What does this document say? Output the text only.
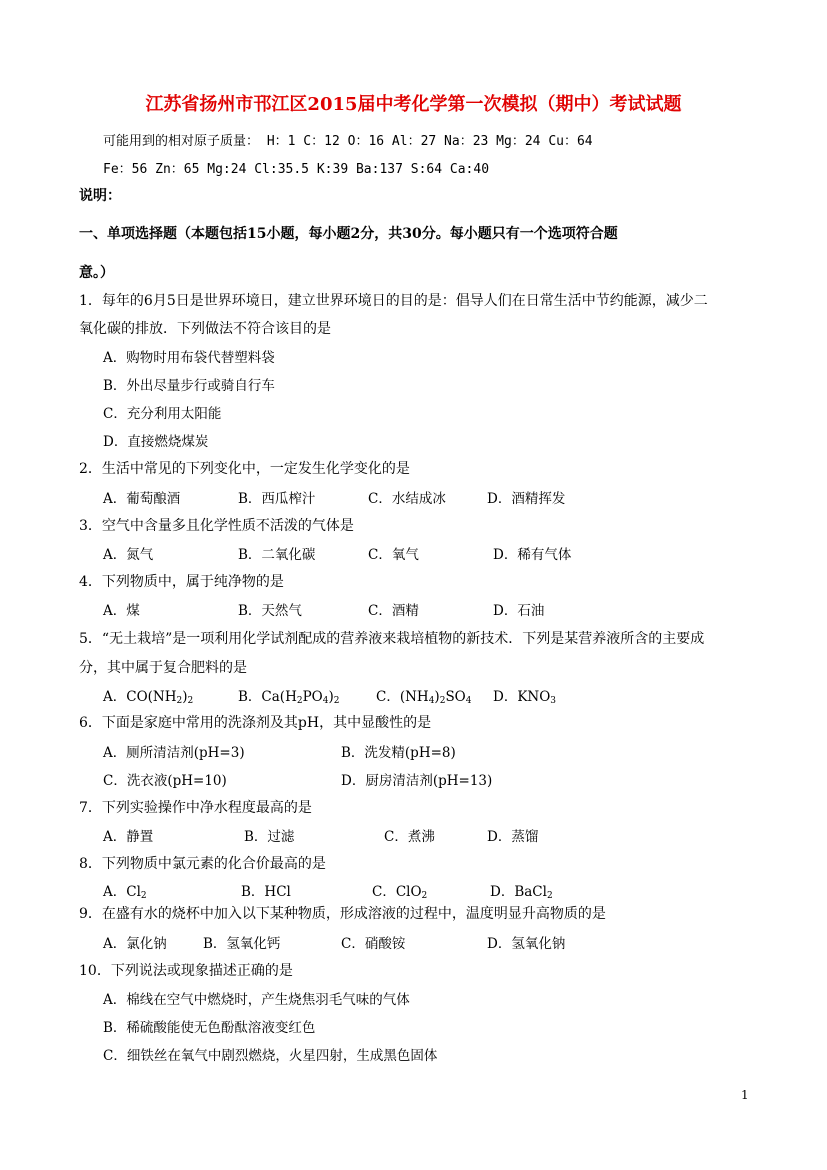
江苏省扬州市邗江区2015届中考化学第一次模拟（期中）考试试题
可能用到的相对原子质量： H：1 C：12 O：16 Al：27 Na：23 Mg：24 Cu：64
Fe：56 Zn：65 Mg:24 Cl:35.5 K:39 Ba:137 S:64 Ca:40
说明：
一、单项选择题（本题包括15小题，每小题2分，共30分。每小题只有一个选项符合题
意。）
1．每年的6月5日是世界环境日，建立世界环境日的目的是：倡导人们在日常生活中节约能源，减少二
氧化碳的排放．下列做法不符合该目的是
A．购物时用布袋代替塑料袋
B．外出尽量步行或骑自行车
C．充分利用太阳能
D．直接燃烧煤炭
2．生活中常见的下列变化中，一定发生化学变化的是
A．葡萄酿酒	B．西瓜榨汁	C．水结成冰	D．酒精挥发
3．空气中含量多且化学性质不活泼的气体是
A．氮气	B．二氧化碳	C．氧气	D．稀有气体
4．下列物质中，属于纯净物的是
A．煤	B．天然气	C．酒精	D．石油
5．“无土栽培”是一项利用化学试剂配成的营养液来栽培植物的新技术．下列是某营养液所含的主要成
分，其中属于复合肥料的是
A．$CO(NH_2)_2$	B．$Ca(H_2PO_4)_2$	C．$(NH_4)_2SO_4$ D．$KNO_3$
6．下面是家庭中常用的洗涤剂及其pH，其中显酸性的是
A．厕所清洁剂(pH=3)	B．洗发精(pH=8)
C．洗衣液(pH=10)	D．厨房清洁剂(pH=13)
7．下列实验操作中净水程度最高的是
A．静置	B．过滤	C．煮沸	D．蒸馏
8．下列物质中氯元素的化合价最高的是
A．$Cl_2$	B．HCl	C．ClO$_2$	D．BaCl$_2$
9．在盛有水的烧杯中加入以下某种物质，形成溶液的过程中，温度明显升高物质的是
A．氯化钠	B．氢氧化钙	C．硝酸铵	D．氢氧化钠
10．下列说法或现象描述正确的是
A．棉线在空气中燃烧时，产生烧焦羽毛气味的气体
B．稀硫酸能使无色酚酞溶液变红色
C．细铁丝在氧气中剧烈燃烧，火星四射，生成黑色固体
1
